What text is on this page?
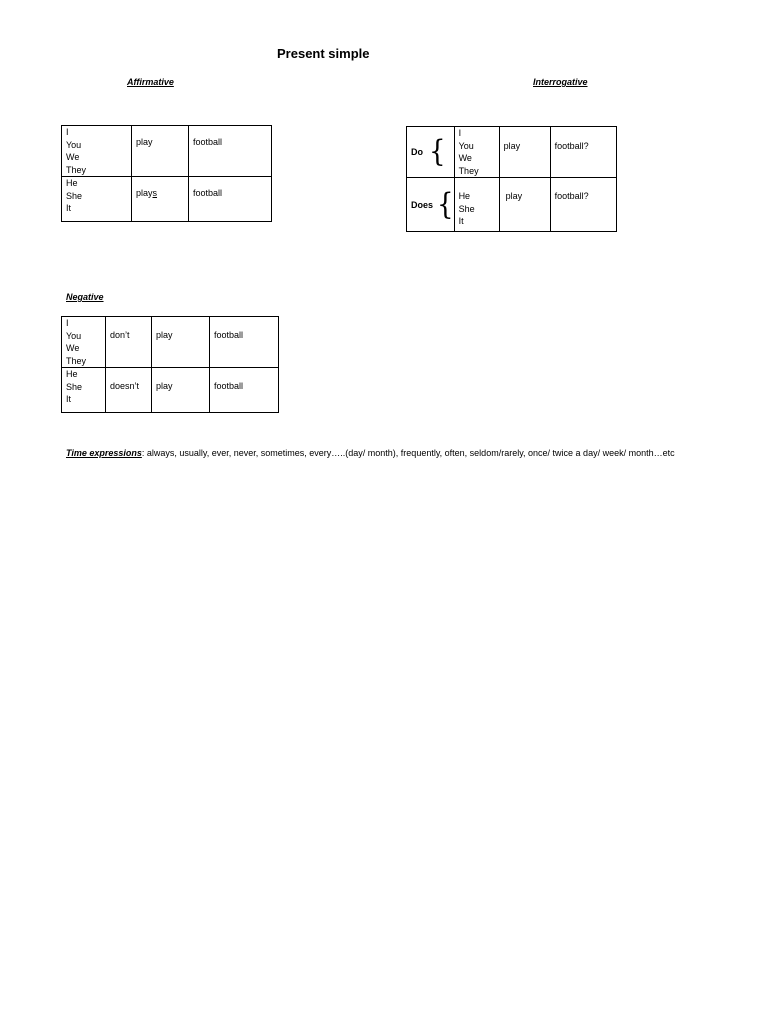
Present simple
Affirmative
I
You
We
They	play	football

He
She
It	plays	football
Interrogative
Do {	I
You
We
They	play	football?
Does {	He
She
It	play	football?
Negative
I
You
We
They	don’t	play	football

He
She
It	doesn’t	play	football
Time expressions: always, usually, ever, never, sometimes, every…..(day/ month), frequently, often, seldom/rarely, once/ twice a day/ week/ month…etc
